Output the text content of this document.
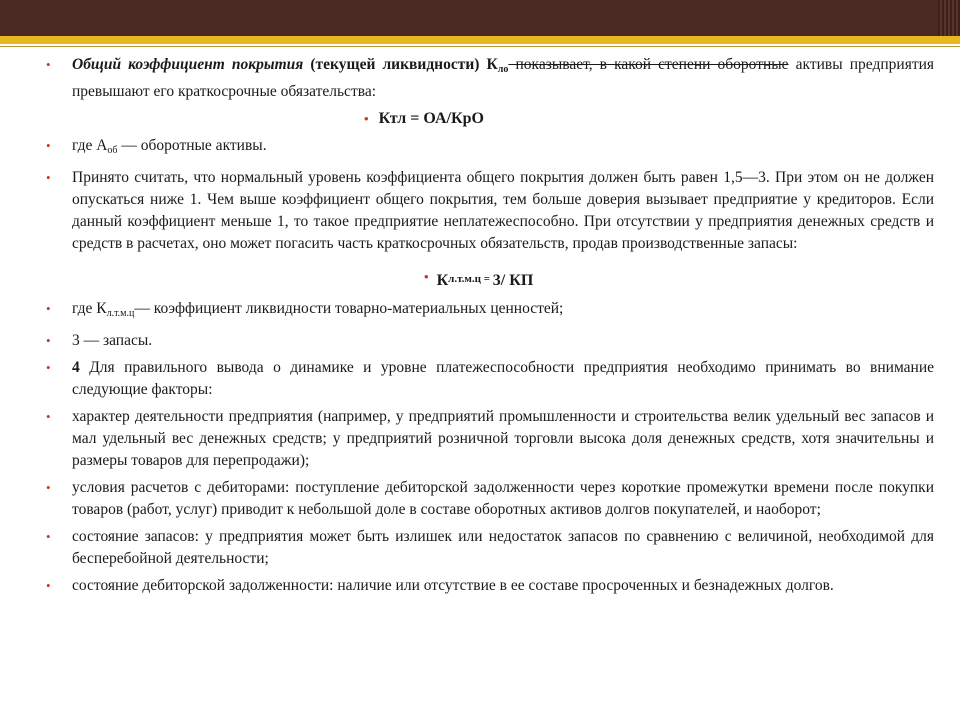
• Общий коэффициент покрытия (текущей ликвидности) $К_{ло}$ показывает, в какой степени оборотные активы предприятия превышают его краткосрочные обязательства:
• Ктл = ОА/КрО
• где $А_{об}$ — оборотные активы.
• Принято считать, что нормальный уровень коэффициента общего покрытия должен быть равен 1,5—3. При этом он не должен опускаться ниже 1. Чем выше коэффициент общего покрытия, тем больше доверия вызывает предприятие у кредиторов. Если данный коэффициент меньше 1, то такое предприятие неплатежеспособно. При отсутствии у предприятия денежных средств и средств в расчетах, оно может погасить часть краткосрочных обязательств, продав производственные запасы:
• Кл.т.м.ц = 3/ КП
• где $К_{л.т.м.ц}—$ коэффициент ликвидности товарно-материальных ценностей;
• 3 — запасы.
• 4 Для правильного вывода о динамике и уровне платежеспособности предприятия необходимо принимать во внимание следующие факторы:
• характер деятельности предприятия (например, у предприятий промышленности и строительства велик удельный вес запасов и мал удельный вес денежных средств; у предприятий розничной торговли высока доля денежных средств, хотя значительны и размеры товаров для перепродажи);
• условия расчетов с дебиторами: поступление дебиторской задолженности через короткие промежутки времени после покупки товаров (работ, услуг) приводит к небольшой доле в составе оборотных активов долгов покупателей, и наоборот;
• состояние запасов: у предприятия может быть излишек или недостаток запасов по сравнению с величиной, необходимой для бесперебойной деятельности;
• состояние дебиторской задолженности: наличие или отсутствие в ее составе просроченных и безнадежных долгов.
